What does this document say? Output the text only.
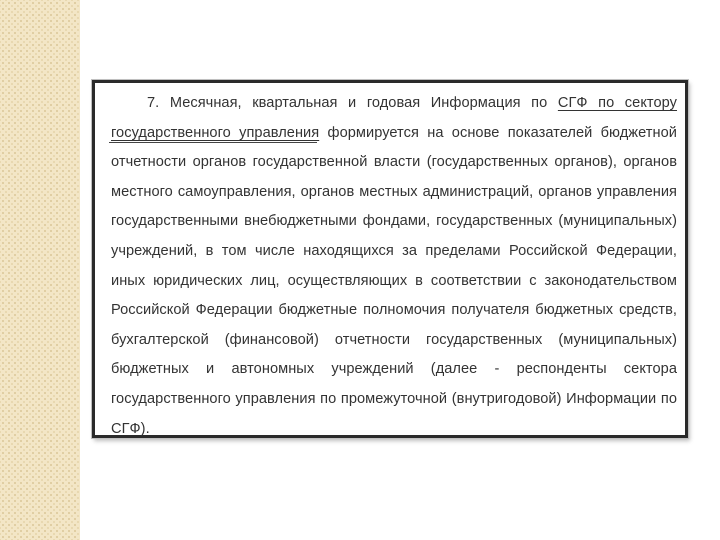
7. Месячная, квартальная и годовая Информация по СГФ по сектору государственного управления формируется на основе показателей бюджетной отчетности органов государственной власти (государственных органов), органов местного самоуправления, органов местных администраций, органов управления государственными внебюджетными фондами, государственных (муниципальных) учреждений, в том числе находящихся за пределами Российской Федерации, иных юридических лиц, осуществляющих в соответствии с законодательством Российской Федерации бюджетные полномочия получателя бюджетных средств, бухгалтерской (финансовой) отчетности государственных (муниципальных) бюджетных и автономных учреждений (далее - респонденты сектора государственного управления по промежуточной (внутригодовой) Информации по СГФ).
